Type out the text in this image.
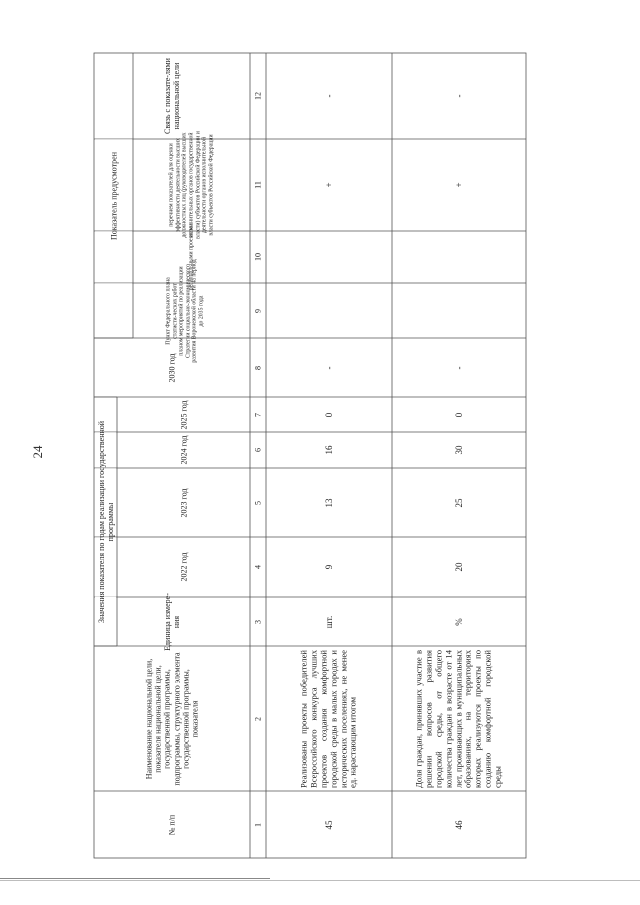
24
№ п/п
Наименование национальной цели, показателя национальной цели, государственной программы, подпрограммы, структурного элемента государственной программы, показателя
Единица измере-ния
Значения показателя по годам реализации государственной программы
2022 год
2023 год
2024 год
2025 год
2030 год
Пункт Федерального плана статисти-ческих работ
Показатель предусмотрен
планом мероприятий по реализации Стратегии социально-экономического развития Воронежской области на период до 2035 года
региональными проектами
перечнем показателей для оценки эффективности деятельности высших должностных лиц (руководителей высших исполнительных органов государственной власти) субъектов Российской Федерации и деятельности органов исполнительной власти субъектов Российской Федерации
Связь с показате-лями национальной цели
1
2
3
4
5
6
7
8
9
10
11
12
45
Реализованы проекты победителей Всероссийского конкурса лучших проектов создания комфортной городской среды в малых городах и исторических поселениях, не менее ед. нарастающим итогом
шт.
9
13
16
0
-
+
-
46
Доля граждан, принявших участие в решении вопросов развития городской среды, от общего количества граждан в возрасте от 14 лет, проживающих в муниципальных образованиях, на территориях которых реализуются проекты по созданию комфортной городской среды
%
20
25
30
0
-
+
-
